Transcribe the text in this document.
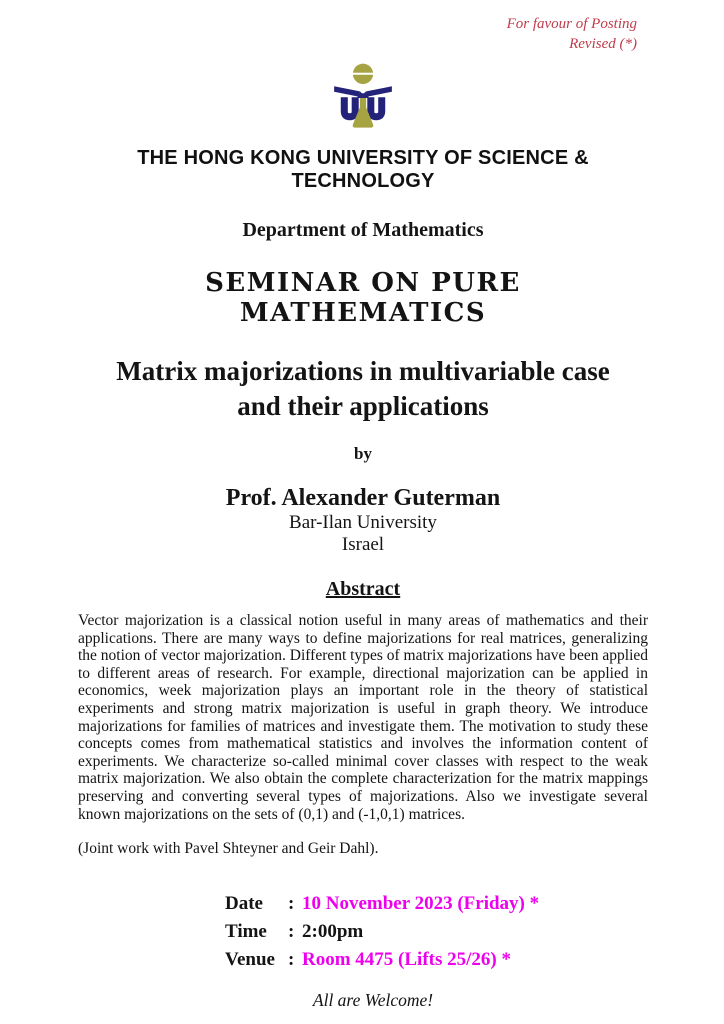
For favour of Posting
Revised (*)
THE HONG KONG UNIVERSITY OF SCIENCE & TECHNOLOGY
Department of Mathematics
SEMINAR ON PURE MATHEMATICS
Matrix majorizations in multivariable case
and their applications
by
Prof. Alexander Guterman
Bar-Ilan University
Israel
Abstract
Vector majorization is a classical notion useful in many areas of mathematics and their applications. There are many ways to define majorizations for real matrices, generalizing the notion of vector majorization. Different types of matrix majorizations have been applied to different areas of research. For example, directional majorization can be applied in economics, week majorization plays an important role in the theory of statistical experiments and strong matrix majorization is useful in graph theory. We introduce majorizations for families of matrices and investigate them. The motivation to study these concepts comes from mathematical statistics and involves the information content of experiments. We characterize so-called minimal cover classes with respect to the weak matrix majorization. We also obtain the complete characterization for the matrix mappings preserving and converting several types of majorizations. Also we investigate several known majorizations on the sets of (0,1) and (-1,0,1) matrices.
(Joint work with Pavel Shteyner and Geir Dahl).
Date	: 10 November 2023 (Friday) *
Time	: 2:00pm
Venue : Room 4475 (Lifts 25/26) *
All are Welcome!
